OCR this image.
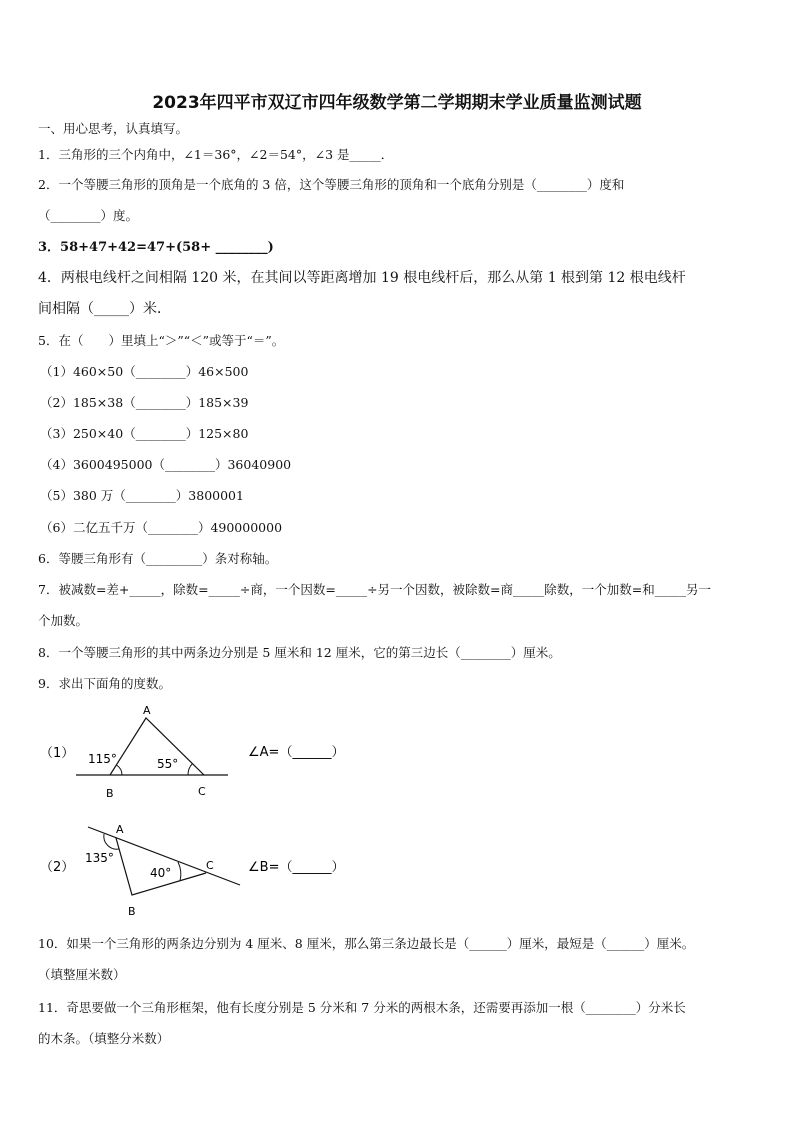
2023年四平市双辽市四年级数学第二学期期末学业质量监测试题
一、用心思考，认真填写。
1．三角形的三个内角中，∠1＝36°，∠2＝54°，∠3 是_____．
2．一个等腰三角形的顶角是一个底角的 3 倍，这个等腰三角形的顶角和一个底角分别是（________）度和
（________）度。
3．58+47+42=47+(58+ ________)
4．两根电线杆之间相隔 120 米，在其间以等距离增加 19 根电线杆后，那么从第 1 根到第 12 根电线杆
间相隔（_____）米．
5．在（　　）里填上“＞”“＜”或等于“＝”。
（1）460×50（________）46×500
（2）185×38（________）185×39
（3）250×40（________）125×80
（4）3600495000（________）36040900
（5）380 万（________）3800001
（6）二亿五千万（________）490000000
6．等腰三角形有（_________）条对称轴。
7．被减数=差+_____，除数=_____÷商，一个因数=_____÷另一个因数，被除数=商_____除数，一个加数=和_____另一
个加数。
8．一个等腰三角形的其中两条边分别是 5 厘米和 12 厘米，它的第三边长（________）厘米。
9．求出下面角的度数。
（1）
A
B	C
115°	55°
∠A=（______）
（2）
A
B
C
135°
40°	∠B=（______）
10．如果一个三角形的两条边分别为 4 厘米、8 厘米，那么第三条边最长是（______）厘米，最短是（______）厘米。
（填整厘米数）
11．奇思要做一个三角形框架，他有长度分别是 5 分米和 7 分米的两根木条，还需要再添加一根（________）分米长
的木条。（填整分米数）
